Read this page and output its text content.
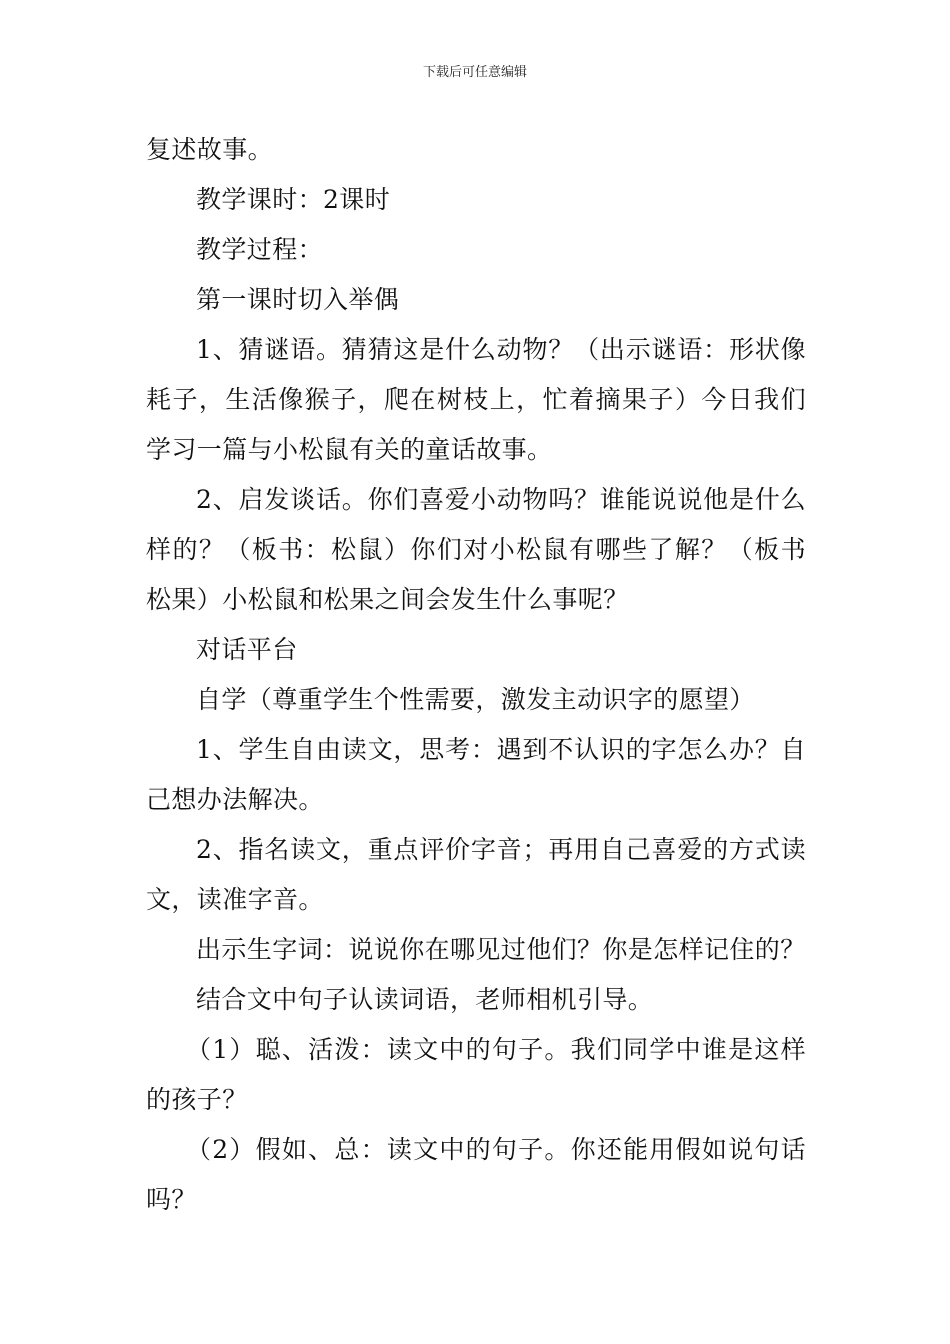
下载后可任意编辑

复述故事。

教学课时：2课时

教学过程：

第一课时切入举偶

1、猜谜语。猜猜这是什么动物？（出示谜语：形状像耗子，生活像猴子，爬在树枝上，忙着摘果子）今日我们学习一篇与小松鼠有关的童话故事。

2、启发谈话。你们喜爱小动物吗？谁能说说他是什么样的？（板书：松鼠）你们对小松鼠有哪些了解？（板书松果）小松鼠和松果之间会发生什么事呢？

对话平台

自学（尊重学生个性需要，激发主动识字的愿望）

1、学生自由读文，思考：遇到不认识的字怎么办？自己想办法解决。

2、指名读文，重点评价字音；再用自己喜爱的方式读文，读准字音。

出示生字词：说说你在哪见过他们？你是怎样记住的？

结合文中句子认读词语，老师相机引导。

（1）聪、活泼：读文中的句子。我们同学中谁是这样的孩子？

（2）假如、总：读文中的句子。你还能用假如说句话吗？
